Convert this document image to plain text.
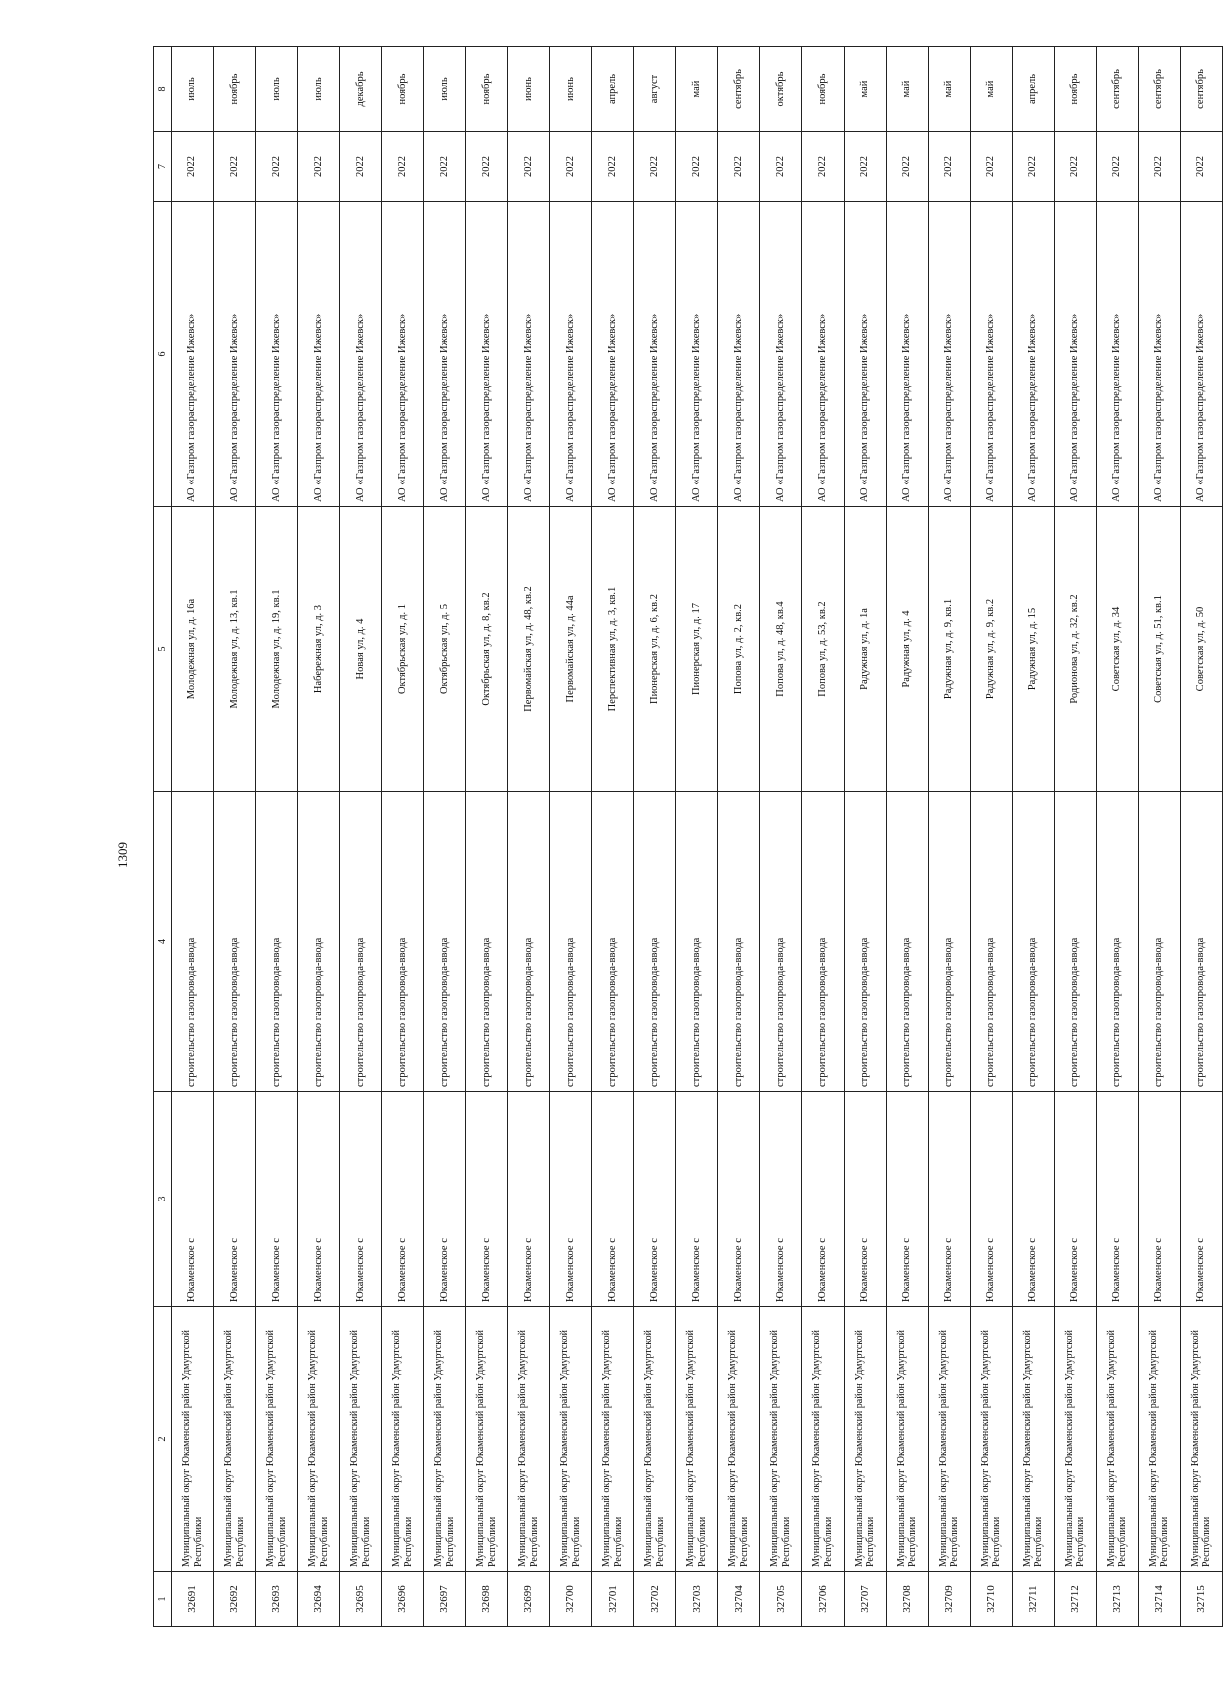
1309
1	2	3	4	5	6	7	8
32691	Муниципальный округ Юкаменский район Удмуртской Республики	Юкаменское с	строительство газопровода-ввода	Молодежная ул, д. 16а	АО «Газпром газораспределение Ижевск»	2022	июль
32692	Муниципальный округ Юкаменский район Удмуртской Республики	Юкаменское с	строительство газопровода-ввода	Молодежная ул, д. 13, кв.1	АО «Газпром газораспределение Ижевск»	2022	ноябрь
32693	Муниципальный округ Юкаменский район Удмуртской Республики	Юкаменское с	строительство газопровода-ввода	Молодежная ул, д. 19, кв.1	АО «Газпром газораспределение Ижевск»	2022	июль
32694	Муниципальный округ Юкаменский район Удмуртской Республики	Юкаменское с	строительство газопровода-ввода	Набережная ул, д. 3	АО «Газпром газораспределение Ижевск»	2022	июль
32695	Муниципальный округ Юкаменский район Удмуртской Республики	Юкаменское с	строительство газопровода-ввода	Новая ул, д. 4	АО «Газпром газораспределение Ижевск»	2022	декабрь
32696	Муниципальный округ Юкаменский район Удмуртской Республики	Юкаменское с	строительство газопровода-ввода	Октябрьская ул, д. 1	АО «Газпром газораспределение Ижевск»	2022	ноябрь
32697	Муниципальный округ Юкаменский район Удмуртской Республики	Юкаменское с	строительство газопровода-ввода	Октябрьская ул, д. 5	АО «Газпром газораспределение Ижевск»	2022	июль
32698	Муниципальный округ Юкаменский район Удмуртской Республики	Юкаменское с	строительство газопровода-ввода	Октябрьская ул, д. 8, кв.2	АО «Газпром газораспределение Ижевск»	2022	ноябрь
32699	Муниципальный округ Юкаменский район Удмуртской Республики	Юкаменское с	строительство газопровода-ввода	Первомайская ул, д. 48, кв.2	АО «Газпром газораспределение Ижевск»	2022	июнь
32700	Муниципальный округ Юкаменский район Удмуртской Республики	Юкаменское с	строительство газопровода-ввода	Первомайская ул, д. 44а	АО «Газпром газораспределение Ижевск»	2022	июнь
32701	Муниципальный округ Юкаменский район Удмуртской Республики	Юкаменское с	строительство газопровода-ввода	Перспективная ул, д. 3, кв.1	АО «Газпром газораспределение Ижевск»	2022	апрель
32702	Муниципальный округ Юкаменский район Удмуртской Республики	Юкаменское с	строительство газопровода-ввода	Пионерская ул, д. 6, кв.2	АО «Газпром газораспределение Ижевск»	2022	август
32703	Муниципальный округ Юкаменский район Удмуртской Республики	Юкаменское с	строительство газопровода-ввода	Пионерская ул, д. 17	АО «Газпром газораспределение Ижевск»	2022	май
32704	Муниципальный округ Юкаменский район Удмуртской Республики	Юкаменское с	строительство газопровода-ввода	Попова ул, д. 2, кв.2	АО «Газпром газораспределение Ижевск»	2022	сентябрь
32705	Муниципальный округ Юкаменский район Удмуртской Республики	Юкаменское с	строительство газопровода-ввода	Попова ул, д. 48, кв.4	АО «Газпром газораспределение Ижевск»	2022	октябрь
32706	Муниципальный округ Юкаменский район Удмуртской Республики	Юкаменское с	строительство газопровода-ввода	Попова ул, д. 53, кв.2	АО «Газпром газораспределение Ижевск»	2022	ноябрь
32707	Муниципальный округ Юкаменский район Удмуртской Республики	Юкаменское с	строительство газопровода-ввода	Радужная ул, д. 1а	АО «Газпром газораспределение Ижевск»	2022	май
32708	Муниципальный округ Юкаменский район Удмуртской Республики	Юкаменское с	строительство газопровода-ввода	Радужная ул, д. 4	АО «Газпром газораспределение Ижевск»	2022	май
32709	Муниципальный округ Юкаменский район Удмуртской Республики	Юкаменское с	строительство газопровода-ввода	Радужная ул, д. 9, кв.1	АО «Газпром газораспределение Ижевск»	2022	май
32710	Муниципальный округ Юкаменский район Удмуртской Республики	Юкаменское с	строительство газопровода-ввода	Радужная ул, д. 9, кв.2	АО «Газпром газораспределение Ижевск»	2022	май
32711	Муниципальный округ Юкаменский район Удмуртской Республики	Юкаменское с	строительство газопровода-ввода	Радужная ул, д. 15	АО «Газпром газораспределение Ижевск»	2022	апрель
32712	Муниципальный округ Юкаменский район Удмуртской Республики	Юкаменское с	строительство газопровода-ввода	Родионова ул, д. 32, кв.2	АО «Газпром газораспределение Ижевск»	2022	ноябрь
32713	Муниципальный округ Юкаменский район Удмуртской Республики	Юкаменское с	строительство газопровода-ввода	Советская ул, д. 34	АО «Газпром газораспределение Ижевск»	2022	сентябрь
32714	Муниципальный округ Юкаменский район Удмуртской Республики	Юкаменское с	строительство газопровода-ввода	Советская ул, д. 51, кв.1	АО «Газпром газораспределение Ижевск»	2022	сентябрь
32715	Муниципальный округ Юкаменский район Удмуртской Республики	Юкаменское с	строительство газопровода-ввода	Советская ул, д. 50	АО «Газпром газораспределение Ижевск»	2022	сентябрь
